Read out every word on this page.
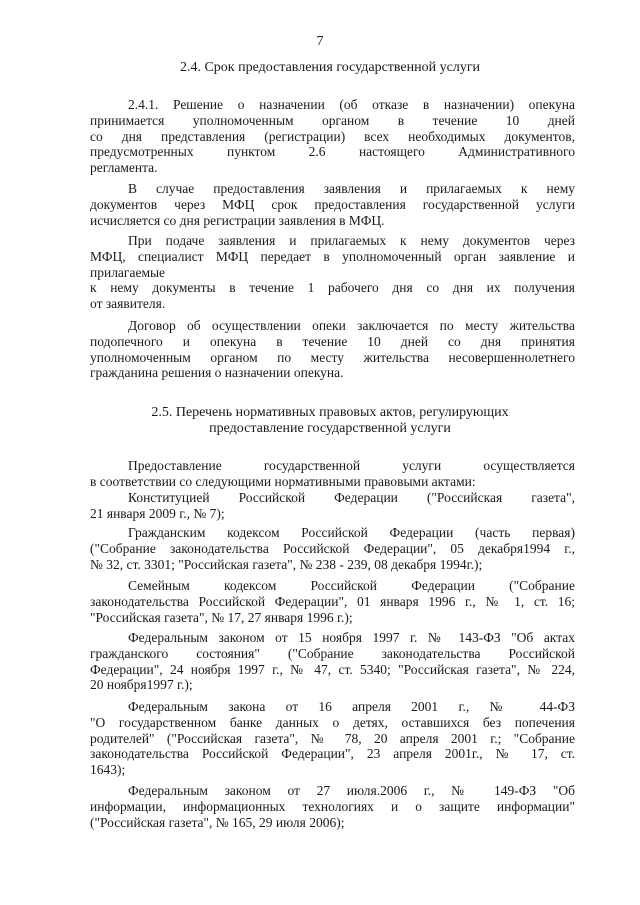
7
2.4. Срок предоставления государственной услуги
2.4.1. Решение о назначении (об отказе в назначении) опекуна
принимается уполномоченным органом в течение 10 дней
со дня представления (регистрации) всех необходимых документов,
предусмотренных пунктом 2.6 настоящего Административного
регламента.
В случае предоставления заявления и прилагаемых к нему
документов через МФЦ срок предоставления государственной услуги
исчисляется со дня регистрации заявления в МФЦ.
При подаче заявления и прилагаемых к нему документов через
МФЦ, специалист МФЦ передает в уполномоченный орган заявление и
прилагаемые
к нему документы в течение 1 рабочего дня со дня их получения
от заявителя.
Договор об осуществлении опеки заключается по месту жительства
подопечного и опекуна в течение 10 дней со дня принятия
уполномоченным органом по месту жительства несовершеннолетнего
гражданина решения о назначении опекуна.
2.5. Перечень нормативных правовых актов, регулирующих
предоставление государственной услуги
Предоставление государственной услуги осуществляется
в соответствии со следующими нормативными правовыми актами:
Конституцией Российской Федерации ("Российская газета",
21 января 2009 г., № 7);
Гражданским кодексом Российской Федерации (часть первая)
("Собрание законодательства Российской Федерации", 05 декабря1994 г.,
№ 32, ст. 3301; "Российская газета", № 238 - 239, 08 декабря 1994г.);
Семейным кодексом Российской Федерации ("Собрание
законодательства Российской Федерации", 01 января 1996 г., № 1, ст. 16;
"Российская газета", № 17, 27 января 1996 г.);
Федеральным законом от 15 ноября 1997 г. № 143-ФЗ "Об актах
гражданского состояния" ("Собрание законодательства Российской
Федерации", 24 ноября 1997 г., № 47, ст. 5340; "Российская газета", № 224,
20 ноября1997 г.);
Федеральным закона от 16 апреля 2001 г., № 44-ФЗ
"О государственном банке данных о детях, оставшихся без попечения
родителей" ("Российская газета", № 78, 20 апреля 2001 г.; "Собрание
законодательства Российской Федерации", 23 апреля 2001г., № 17, ст.
1643);
Федеральным законом от 27 июля.2006 г., № 149-ФЗ "Об
информации, информационных технологиях и о защите информации"
("Российская газета", № 165, 29 июля 2006);
